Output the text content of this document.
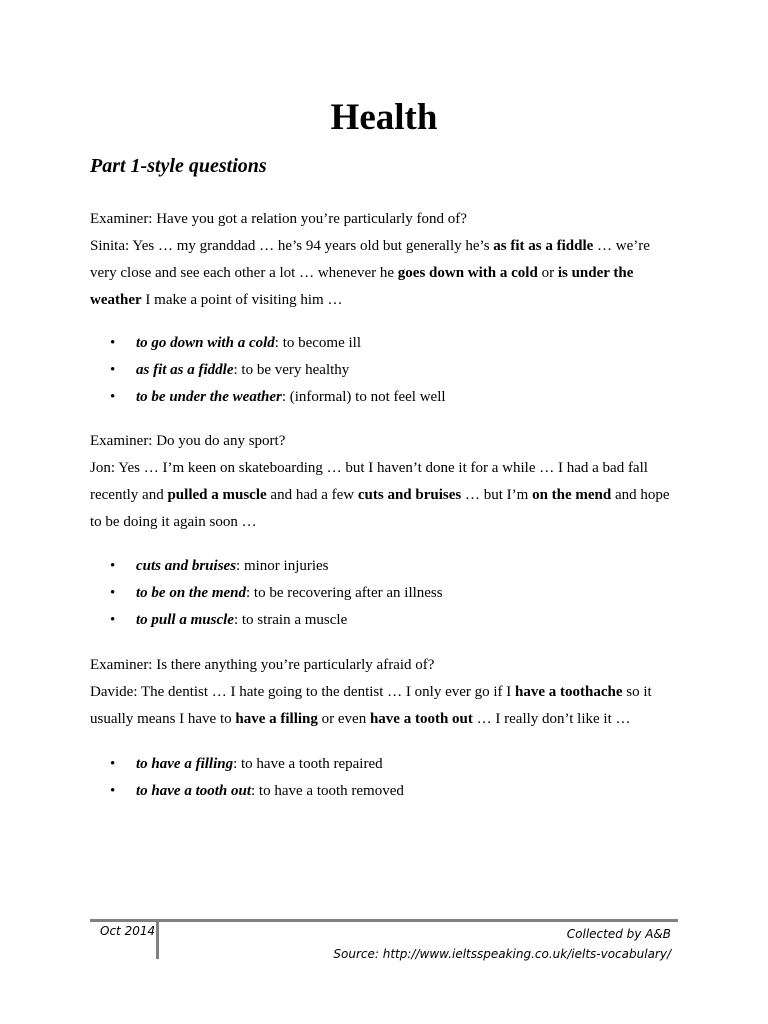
Health
Part 1-style questions

Examiner: Have you got a relation you’re particularly fond of?

Sinita: Yes … my granddad … he’s 94 years old but generally he’s as fit as a fiddle … we’re very close and see each other a lot … whenever he goes down with a cold or is under the weather I make a point of visiting him …

• to go down with a cold: to become ill
• as fit as a fiddle: to be very healthy
• to be under the weather: (informal) to not feel well

Examiner: Do you do any sport?

Jon: Yes … I’m keen on skateboarding … but I haven’t done it for a while … I had a bad fall recently and pulled a muscle and had a few cuts and bruises … but I’m on the mend and hope to be doing it again soon …

• cuts and bruises: minor injuries
• to be on the mend: to be recovering after an illness
• to pull a muscle: to strain a muscle

Examiner: Is there anything you’re particularly afraid of?

Davide: The dentist … I hate going to the dentist … I only ever go if I have a toothache so it usually means I have to have a filling or even have a tooth out … I really don’t like it …

• to have a filling: to have a tooth repaired
• to have a tooth out: to have a tooth removed
Oct 2014	Collected by A&B
Source: http://www.ieltsspeaking.co.uk/ielts-vocabulary/
